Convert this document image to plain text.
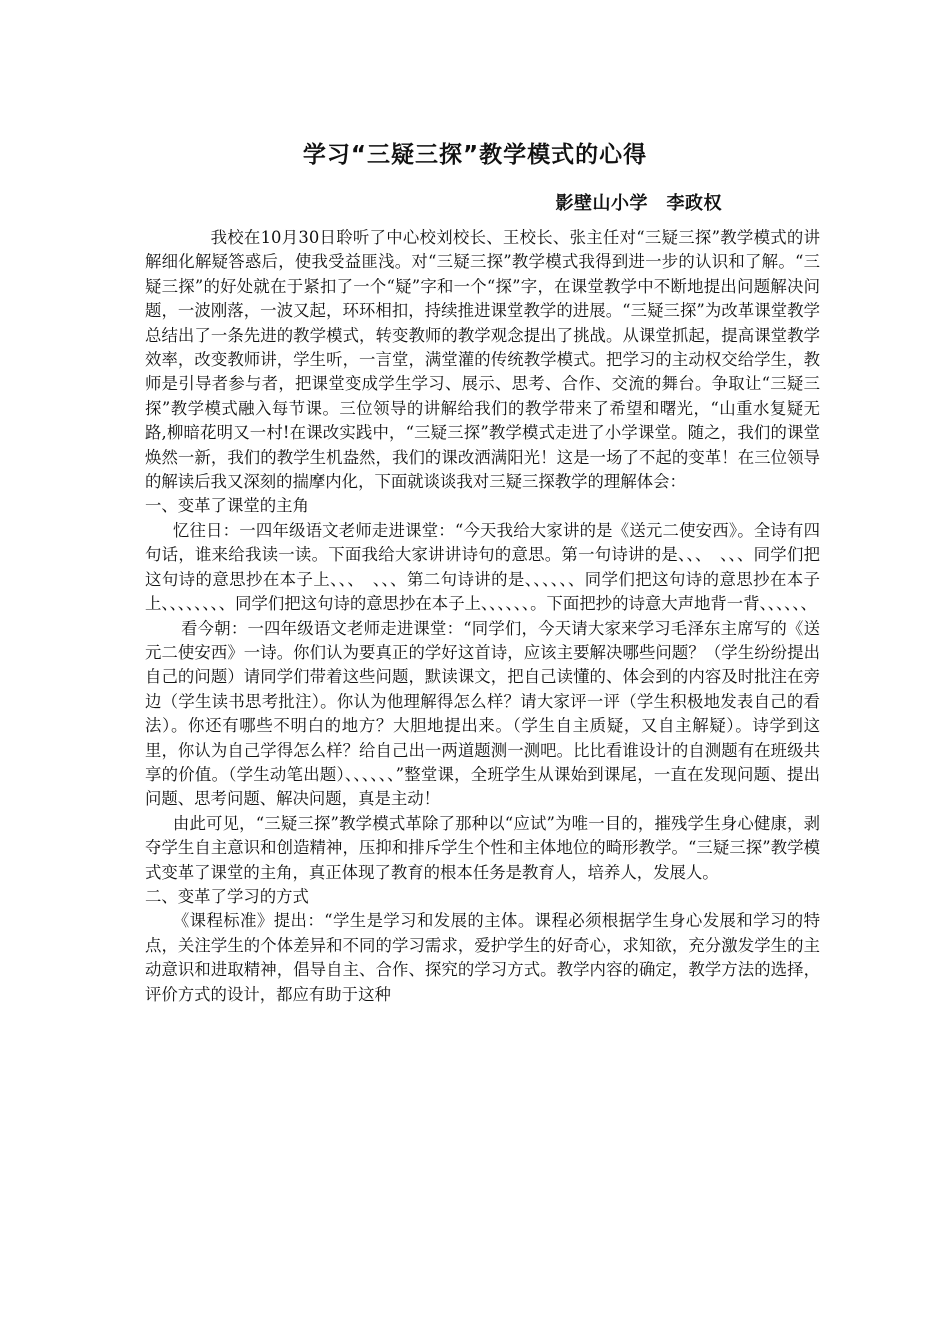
学习“三疑三探”教学模式的心得
影壁山小学　李政权

我校在10月30日聆听了中心校刘校长、王校长、张主任对“三疑三探”教学模式的讲解细化解疑答惑后，使我受益匪浅。对“三疑三探”教学模式我得到进一步的认识和了解。“三疑三探”的好处就在于紧扣了一个“疑”字和一个“探”字，在课堂教学中不断地提出问题解决问题，一波刚落，一波又起，环环相扣，持续推进课堂教学的进展。“三疑三探”为改革课堂教学总结出了一条先进的教学模式，转变教师的教学观念提出了挑战。从课堂抓起，提高课堂教学效率，改变教师讲，学生听，一言堂，满堂灌的传统教学模式。把学习的主动权交给学生，教师是引导者参与者，把课堂变成学生学习、展示、思考、合作、交流的舞台。争取让“三疑三探”教学模式融入每节课。三位领导的讲解给我们的教学带来了希望和曙光，“山重水复疑无路,柳暗花明又一村!在课改实践中，“三疑三探”教学模式走进了小学课堂。随之，我们的课堂焕然一新，我们的教学生机盎然，我们的课改洒满阳光！这是一场了不起的变革！在三位领导的解读后我又深刻的揣摩内化，下面就谈谈我对三疑三探教学的理解体会：

一、变革了课堂的主角

忆往日：一四年级语文老师走进课堂：“今天我给大家讲的是《送元二使安西》。全诗有四句话，谁来给我读一读。下面我给大家讲讲诗句的意思。第一句诗讲的是、、、　、、、同学们把这句诗的意思抄在本子上、、、　、、、第二句诗讲的是、、、、、、同学们把这句诗的意思抄在本子上、、、、、、、、同学们把这句诗的意思抄在本子上、、、、、、。下面把抄的诗意大声地背一背、、、、、、

看今朝：一四年级语文老师走进课堂：“同学们，今天请大家来学习毛泽东主席写的《送元二使安西》一诗。你们认为要真正的学好这首诗，应该主要解决哪些问题？（学生纷纷提出自己的问题）请同学们带着这些问题，默读课文，把自己读懂的、体会到的内容及时批注在旁边（学生读书思考批注）。你认为他理解得怎么样？请大家评一评（学生积极地发表自己的看法）。你还有哪些不明白的地方？大胆地提出来。（学生自主质疑，又自主解疑）。诗学到这里，你认为自己学得怎么样？给自己出一两道题测一测吧。比比看谁设计的自测题有在班级共享的价值。（学生动笔出题）、、、、、、”整堂课，全班学生从课始到课尾，一直在发现问题、提出问题、思考问题、解决问题，真是主动！

由此可见，“三疑三探”教学模式革除了那种以“应试”为唯一目的，摧残学生身心健康，剥夺学生自主意识和创造精神，压抑和排斥学生个性和主体地位的畸形教学。“三疑三探”教学模式变革了课堂的主角，真正体现了教育的根本任务是教育人，培养人，发展人。

二、变革了学习的方式

《课程标准》提出：“学生是学习和发展的主体。课程必须根据学生身心发展和学习的特点，关注学生的个体差异和不同的学习需求，爱护学生的好奇心，求知欲，充分激发学生的主动意识和进取精神，倡导自主、合作、探究的学习方式。教学内容的确定，教学方法的选择，评价方式的设计，都应有助于这种
